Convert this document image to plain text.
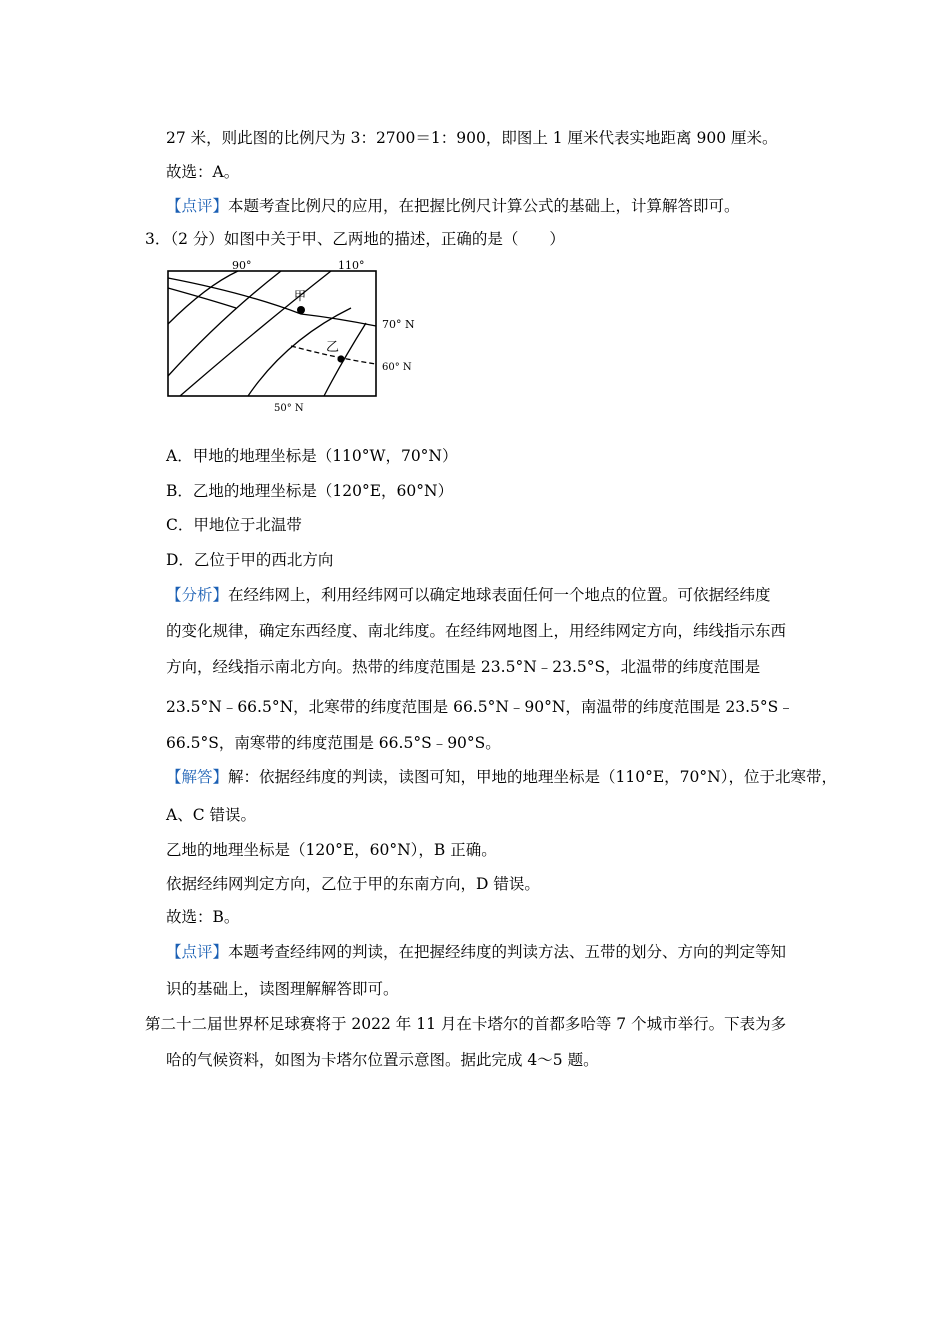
27 米，则此图的比例尺为 3：2700＝1：900，即图上 1 厘米代表实地距离 900 厘米。
故选：A。
【点评】本题考查比例尺的应用，在把握比例尺计算公式的基础上，计算解答即可。
3．（2 分）如图中关于甲、乙两地的描述，正确的是（　　）
90°	110°
70° N
60° N
50° N
甲
乙
A．甲地的地理坐标是（110°W，70°N）
B．乙地的地理坐标是（120°E，60°N）
C．甲地位于北温带
D．乙位于甲的西北方向
【分析】在经纬网上，利用经纬网可以确定地球表面任何一个地点的位置。可依据经纬度
的变化规律，确定东西经度、南北纬度。在经纬网地图上，用经纬网定方向，纬线指示东西
方向，经线指示南北方向。热带的纬度范围是 23.5°N﹣23.5°S，北温带的纬度范围是
23.5°N﹣66.5°N，北寒带的纬度范围是 66.5°N﹣90°N，南温带的纬度范围是 23.5°S﹣
66.5°S，南寒带的纬度范围是 66.5°S﹣90°S。
【解答】解：依据经纬度的判读，读图可知，甲地的地理坐标是（110°E，70°N），位于北寒带，
A、C 错误。
乙地的地理坐标是（120°E，60°N），B 正确。
依据经纬网判定方向，乙位于甲的东南方向，D 错误。
故选：B。
【点评】本题考查经纬网的判读，在把握经纬度的判读方法、五带的划分、方向的判定等知
识的基础上，读图理解解答即可。
第二十二届世界杯足球赛将于 2022 年 11 月在卡塔尔的首都多哈等 7 个城市举行。下表为多
哈的气候资料，如图为卡塔尔位置示意图。据此完成 4～5 题。
